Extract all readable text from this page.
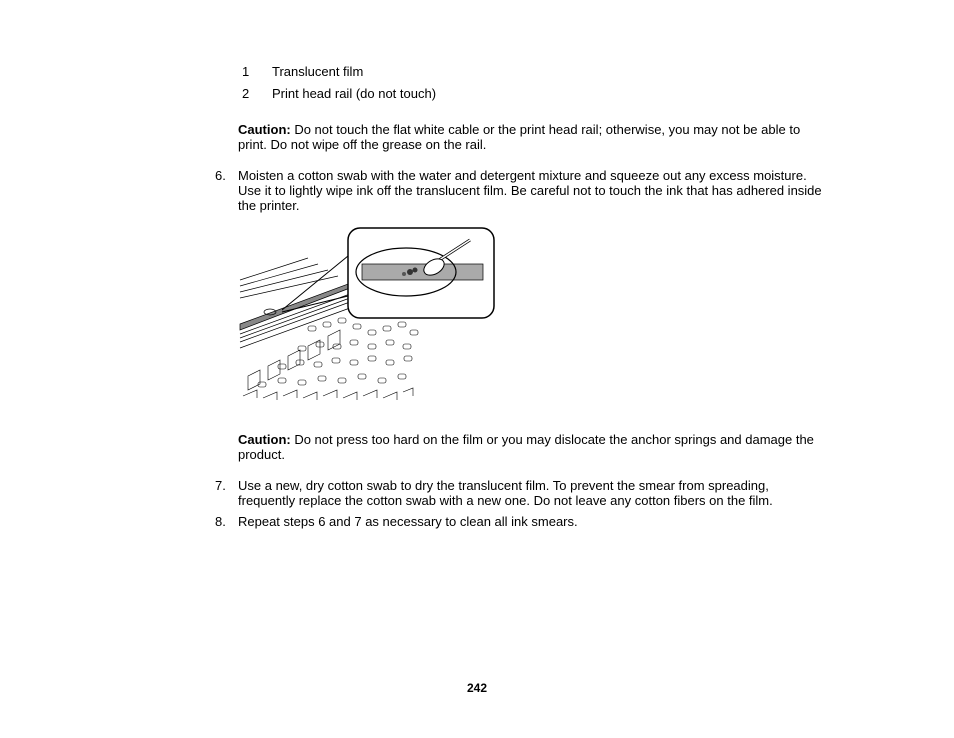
1	Translucent film
2	Print head rail (do not touch)
Caution: Do not touch the flat white cable or the print head rail; otherwise, you may not be able to print. Do not wipe off the grease on the rail.
6. Moisten a cotton swab with the water and detergent mixture and squeeze out any excess moisture. Use it to lightly wipe ink off the translucent film. Be careful not to touch the ink that has adhered inside the printer.
Caution: Do not press too hard on the film or you may dislocate the anchor springs and damage the product.
7. Use a new, dry cotton swab to dry the translucent film. To prevent the smear from spreading, frequently replace the cotton swab with a new one. Do not leave any cotton fibers on the film.
8. Repeat steps 6 and 7 as necessary to clean all ink smears.
242
